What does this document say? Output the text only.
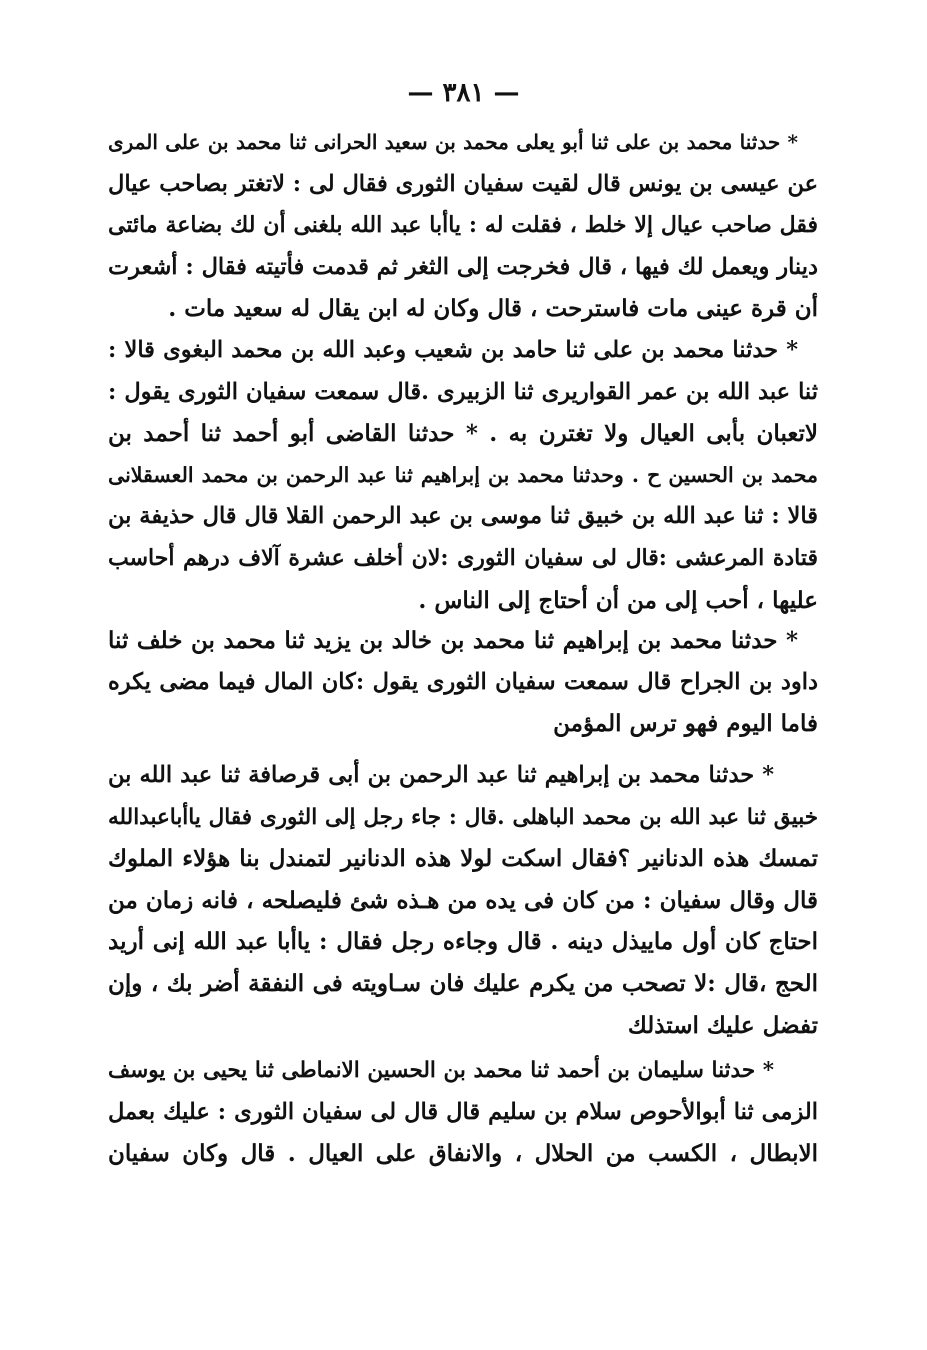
— ٣٨١ —
* حدثنا محمد بن على ثنا أبو يعلى محمد بن سعيد الحرانى ثنا محمد بن على المرى
عن عيسى بن يونس قال لقيت سفيان الثورى فقال لى : لاتغتر بصاحب عيال
فقل صاحب عيال إلا خلط ، فقلت له : ياأبا عبد الله بلغنى أن لك بضاعة مائتى
دينار ويعمل لك فيها ، قال فخرجت إلى الثغر ثم قدمت فأتيته فقال : أشعرت
أن قرة عينى مات فاسترحت ، قال وكان له ابن يقال له سعيد مات .
* حدثنا محمد بن على ثنا حامد بن شعيب وعبد الله بن محمد البغوى قالا :
ثنا عبد الله بن عمر القواريرى ثنا الزبيرى .قال سمعت سفيان الثورى يقول :
لاتعبان بأبى العيال ولا تغترن به . * حدثنا القاضى أبو أحمد ثنا أحمد بن
محمد بن الحسين ح . وحدثنا محمد بن إبراهيم ثنا عبد الرحمن بن محمد العسقلانى
قالا : ثنا عبد الله بن خبيق ثنا موسى بن عبد الرحمن القلا قال قال حذيفة بن
قتادة المرعشى :قال لى سفيان الثورى :لان أخلف عشرة آلاف درهم أحاسب
عليها ، أحب إلى من أن أحتاج إلى الناس .
* حدثنا محمد بن إبراهيم ثنا محمد بن خالد بن يزيد ثنا محمد بن خلف ثنا
داود بن الجراح قال سمعت سفيان الثورى يقول :كان المال فيما مضى يكره
فاما اليوم فهو ترس المؤمن
* حدثنا محمد بن إبراهيم ثنا عبد الرحمن بن أبى قرصافة ثنا عبد الله بن
خبيق ثنا عبد الله بن محمد الباهلى .قال : جاء رجل إلى الثورى فقال ياأباعبدالله
تمسك هذه الدنانير ؟فقال اسكت لولا هذه الدنانير لتمندل بنا هؤلاء الملوك
قال وقال سفيان : من كان فى يده من هـذه شئ فليصلحه ، فانه زمان من
احتاج كان أول ماييذل دينه . قال وجاءه رجل فقال : ياأبا عبد الله إنى أريد
الحج ،قال :لا تصحب من يكرم عليك فان سـاويته فى النفقة أضر بك ، وإن
تفضل عليك استذلك
* حدثنا سليمان بن أحمد ثنا محمد بن الحسين الانماطى ثنا يحيى بن يوسف
الزمى ثنا أبوالأحوص سلام بن سليم قال قال لى سفيان الثورى : عليك بعمل
الابطال ، الكسب من الحلال ، والانفاق على العيال . قال وكان سفيان
